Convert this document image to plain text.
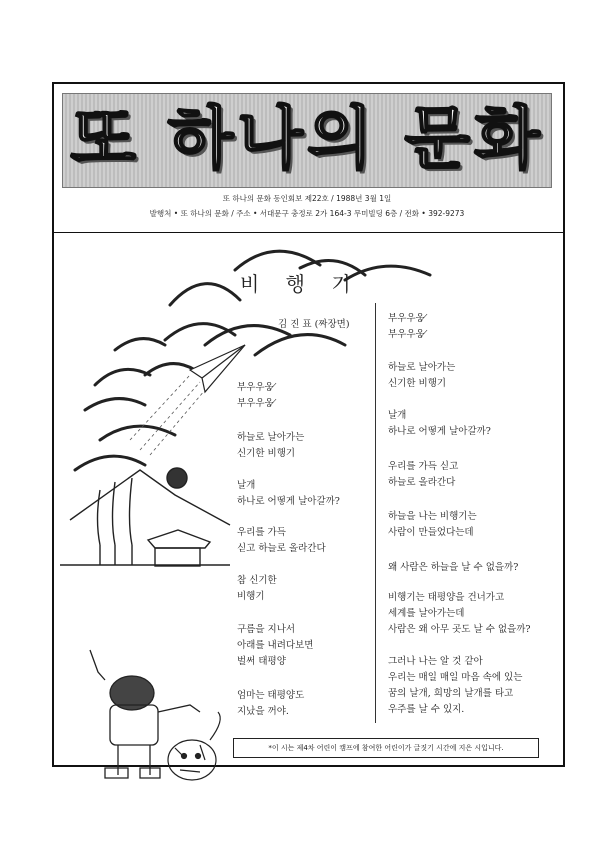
또 하나의 문화
또 하나의 문화 동인회보 제22호 / 1988년 3월 1일
발행처 • 또 하나의 문화 / 주소 • 서대문구 충정로 2가 164-3 무미빌딩 6층 / 전화 • 392-9273
비 행 기
김 진 표 (짜장면)
부우우웅 ̸
부우우웅 ̸
하늘로 날아가는
신기한 비행기
날개
하나로 어떻게 날아갈까?
우리를 가득
싣고 하늘로 올라간다
참 신기한
비행기
구름을 지나서
아래를 내려다보면
벌써 태평양
엄마는 태평양도
지났을 꺼야.
부우우웅 ̸
부우우웅 ̸
하늘로 날아가는
신기한 비행기
날개
하나로 어떻게 날아갈까?
우리를 가득 싣고
하늘로 올라간다
하늘을 나는 비행기는
사람이 만들었다는데
왜 사람은 하늘을 날 수 없을까?
비행기는 태평양을 건너가고
세계를 날아가는데
사람은 왜 아무 곳도 날 수 없을까?
그러나 나는 알 것 같아
우리는 매일 매일 마음 속에 있는
꿈의 날개, 희망의 날개를 타고
우주를 날 수 있지.
*이 시는 제4차 어린이 캠프에 참여한 어린이가 글짓기 시간에 지은 시입니다.
